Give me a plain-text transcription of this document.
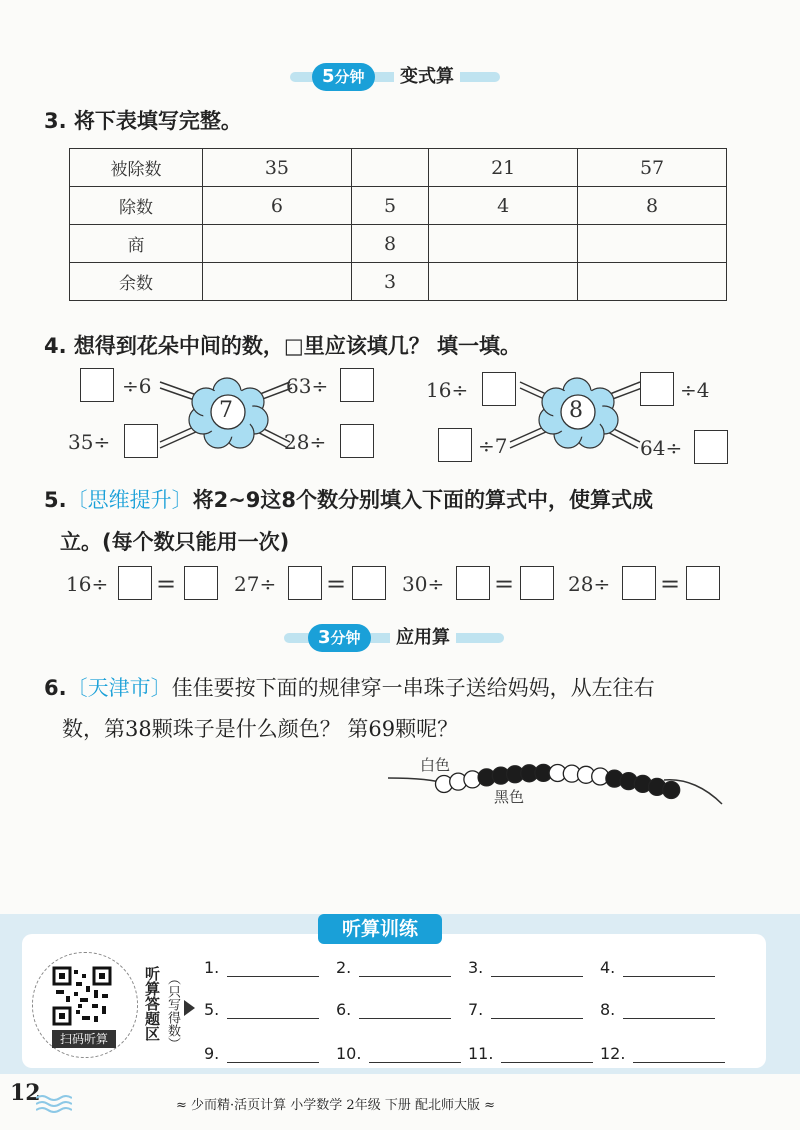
5分钟	变式算
3. 将下表填写完整。
被除数	35		21	57
除数	6	5	4	8
商		8		
余数		3		
4. 想得到花朵中间的数，□里应该填几？ 填一填。
7
÷6	63÷
35÷	28÷
8
16÷	÷4
÷7	64÷
5.〔思维提升〕将2~9这8个数分别填入下面的算式中，使算式成
立。(每个数只能用一次)
16÷ =	27÷ =	30÷ =	28÷ =
3分钟	应用算
6.〔天津市〕佳佳要按下面的规律穿一串珠子送给妈妈，从左往右
数，第38颗珠子是什么颜色？ 第69颗呢？
白色
黑色
听算训练
扫码听算	听算答题区 （只写得数）
1.	2.	3.	4.
5.	6.	7.	8.
9.	10.	11.	12.
12	≈ 少而精·活页计算 小学数学 2年级 下册 配北师大版 ≈
